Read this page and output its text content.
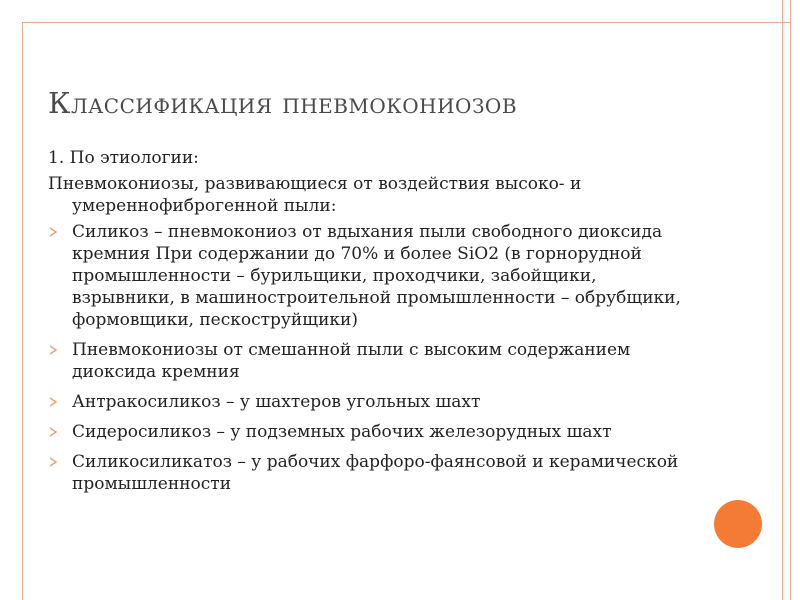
Классификация пневмокониозов
1. По этиологии:
Пневмокониозы, развивающиеся от воздействия высоко- и умереннофиброгенной пыли:
Силикоз – пневмокониоз от вдыхания пыли свободного диоксида кремния При содержании до 70% и более SiO2 (в горнорудной промышленности – бурильщики, проходчики, забойщики, взрывники, в машиностроительной промышленности – обрубщики, формовщики, пескоструйщики)
Пневмокониозы от смешанной пыли с высоким содержанием диоксида кремния
Антракосиликоз – у шахтеров угольных шахт
Сидеросиликоз – у подземных рабочих железорудных шахт
Силикосиликатоз – у рабочих фарфоро-фаянсовой и керамической промышленности
